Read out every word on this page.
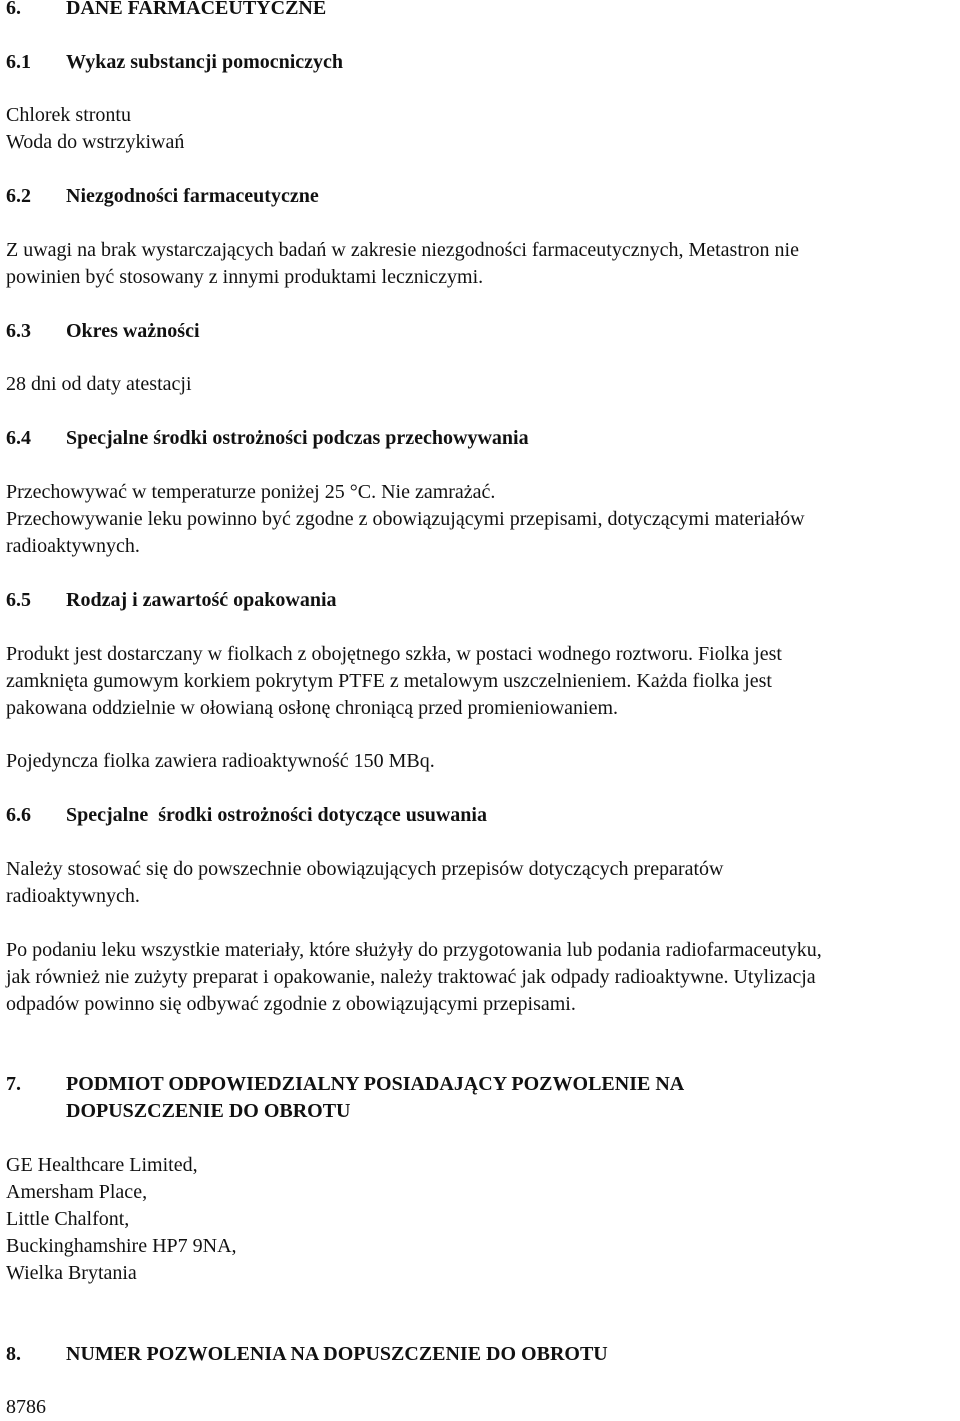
6. DANE FARMACEUTYCZNE
6.1 Wykaz substancji pomocniczych
Chlorek strontu
Woda do wstrzykiwań
6.2 Niezgodności farmaceutyczne
Z uwagi na brak wystarczających badań w zakresie niezgodności farmaceutycznych, Metastron nie
powinien być stosowany z innymi produktami leczniczymi.
6.3 Okres ważności
28 dni od daty atestacji
6.4 Specjalne środki ostrożności podczas przechowywania
Przechowywać w temperaturze poniżej 25 °C. Nie zamrażać.
Przechowywanie leku powinno być zgodne z obowiązującymi przepisami, dotyczącymi materiałów
radioaktywnych.
6.5 Rodzaj i zawartość opakowania
Produkt jest dostarczany w fiolkach z obojętnego szkła, w postaci wodnego roztworu. Fiolka jest
zamknięta gumowym korkiem pokrytym PTFE z metalowym uszczelnieniem. Każda fiolka jest
pakowana oddzielnie w ołowianą osłonę chroniącą przed promieniowaniem.
Pojedyncza fiolka zawiera radioaktywność 150 MBq.
6.6 Specjalne  środki ostrożności dotyczące usuwania
Należy stosować się do powszechnie obowiązujących przepisów dotyczących preparatów
radioaktywnych.
Po podaniu leku wszystkie materiały, które służyły do przygotowania lub podania radiofarmaceutyku,
jak również nie zużyty preparat i opakowanie, należy traktować jak odpady radioaktywne. Utylizacja
odpadów powinno się odbywać zgodnie z obowiązującymi przepisami.
7. PODMIOT ODPOWIEDZIALNY POSIADAJĄCY POZWOLENIE NA
DOPUSZCZENIE DO OBROTU
GE Healthcare Limited,
Amersham Place,
Little Chalfont,
Buckinghamshire HP7 9NA,
Wielka Brytania
8. NUMER POZWOLENIA NA DOPUSZCZENIE DO OBROTU
8786
